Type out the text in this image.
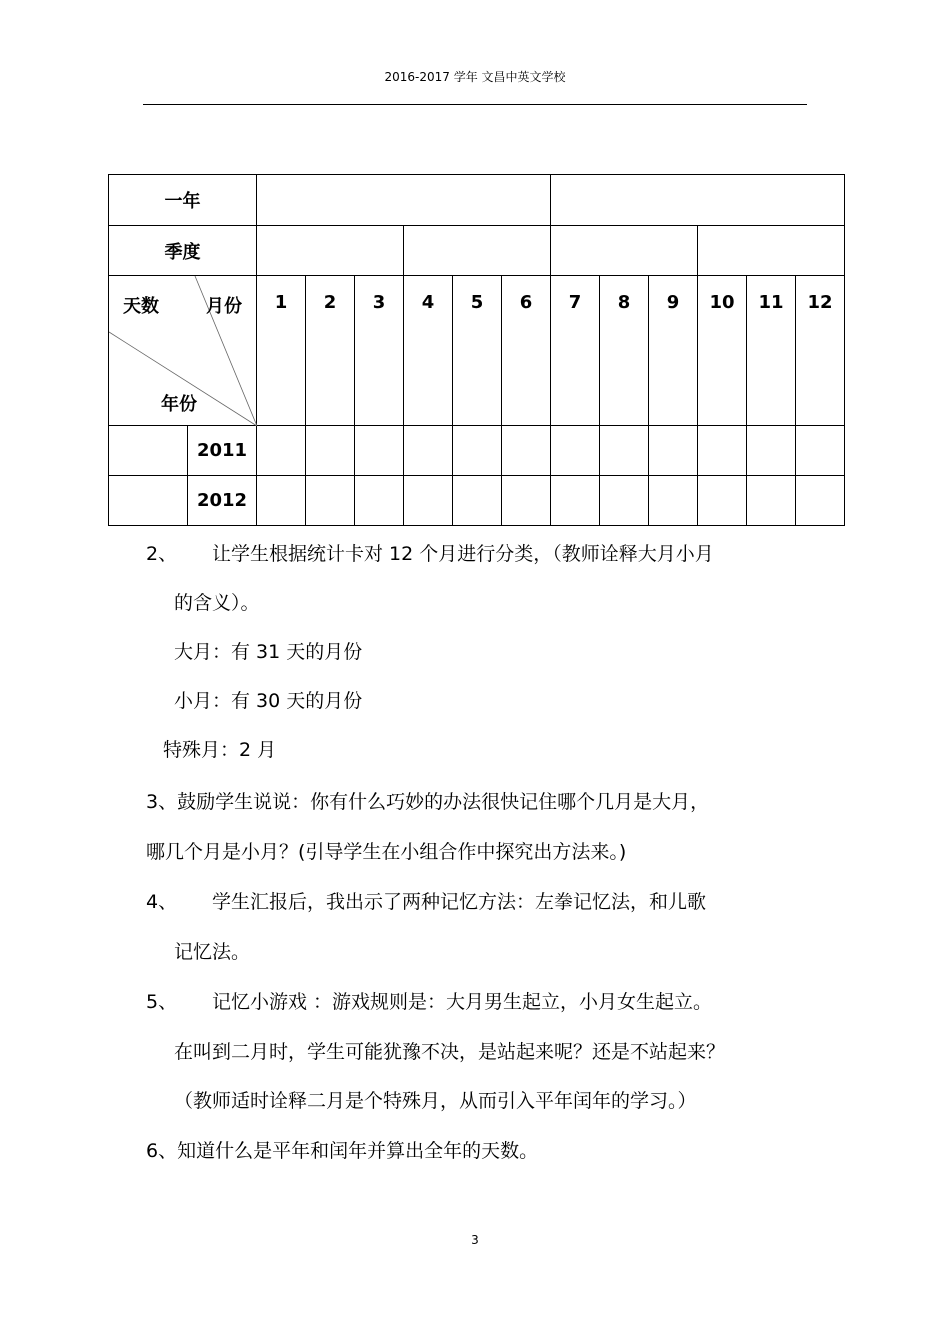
2016-2017 学年 文昌中英文学校
一年													
季度													

天数 月份
年份		1	2	3	4	5	6	7	8	9	10	11	12
	2011												
	2012												
2、 让学生根据统计卡对 12 个月进行分类，（教师诠释大月小月
的含义）。
大月：有 31 天的月份
小月：有 30 天的月份
特殊月：2 月
3、鼓励学生说说：你有什么巧妙的办法很快记住哪个几月是大月，
哪几个月是小月？(引导学生在小组合作中探究出方法来。)
4、 学生汇报后，我出示了两种记忆方法：左拳记忆法，和儿歌
记忆法。
5、 记忆小游戏 ：游戏规则是：大月男生起立，小月女生起立。
在叫到二月时，学生可能犹豫不决，是站起来呢？还是不站起来？
（教师适时诠释二月是个特殊月，从而引入平年闰年的学习。）
6、知道什么是平年和闰年并算出全年的天数。
3
